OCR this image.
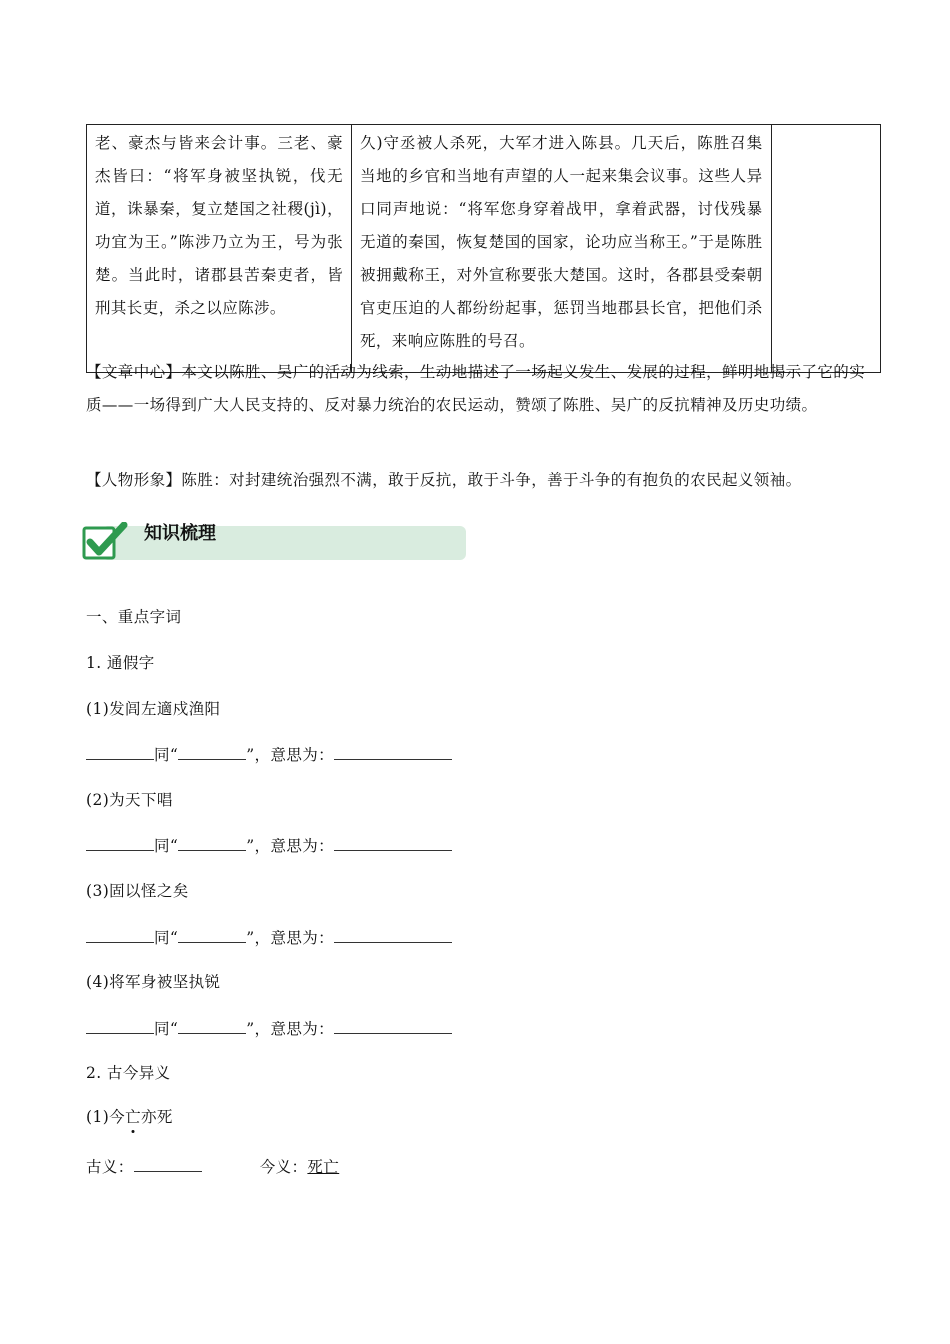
老、豪杰与皆来会计事。三老、豪杰皆曰：“将军身被坚执锐，伐无道，诛暴秦，复立楚国之社稷(jì)，功宜为王。”陈涉乃立为王，号为张楚。当此时，诸郡县苦秦吏者，皆刑其长吏，杀之以应陈涉。	久)守丞被人杀死，大军才进入陈县。几天后，陈胜召集当地的乡官和当地有声望的人一起来集会议事。这些人异口同声地说：“将军您身穿着战甲，拿着武器，讨伐残暴无道的秦国，恢复楚国的国家，论功应当称王。”于是陈胜被拥戴称王，对外宣称要张大楚国。这时，各郡县受秦朝官吏压迫的人都纷纷起事，惩罚当地郡县长官，把他们杀死，来响应陈胜的号召。	

【文章中心】本文以陈胜、吴广的活动为线索，生动地描述了一场起义发生、发展的过程，鲜明地揭示了它的实质——一场得到广大人民支持的、反对暴力统治的农民运动，赞颂了陈胜、吴广的反抗精神及历史功绩。

【人物形象】陈胜：对封建统治强烈不满，敢于反抗，敢于斗争，善于斗争的有抱负的农民起义领袖。

知识梳理

一、重点字词

1. 通假字

(1)发闾左適戍渔阳

同“	”，意思为：

(2)为天下唱

同“	”，意思为：

(3)固以怪之矣

同“	”，意思为：

(4)将军身被坚执锐

同“	”，意思为：

2. 古今异义

(1)今亡亦死

古义：	今义：死亡
